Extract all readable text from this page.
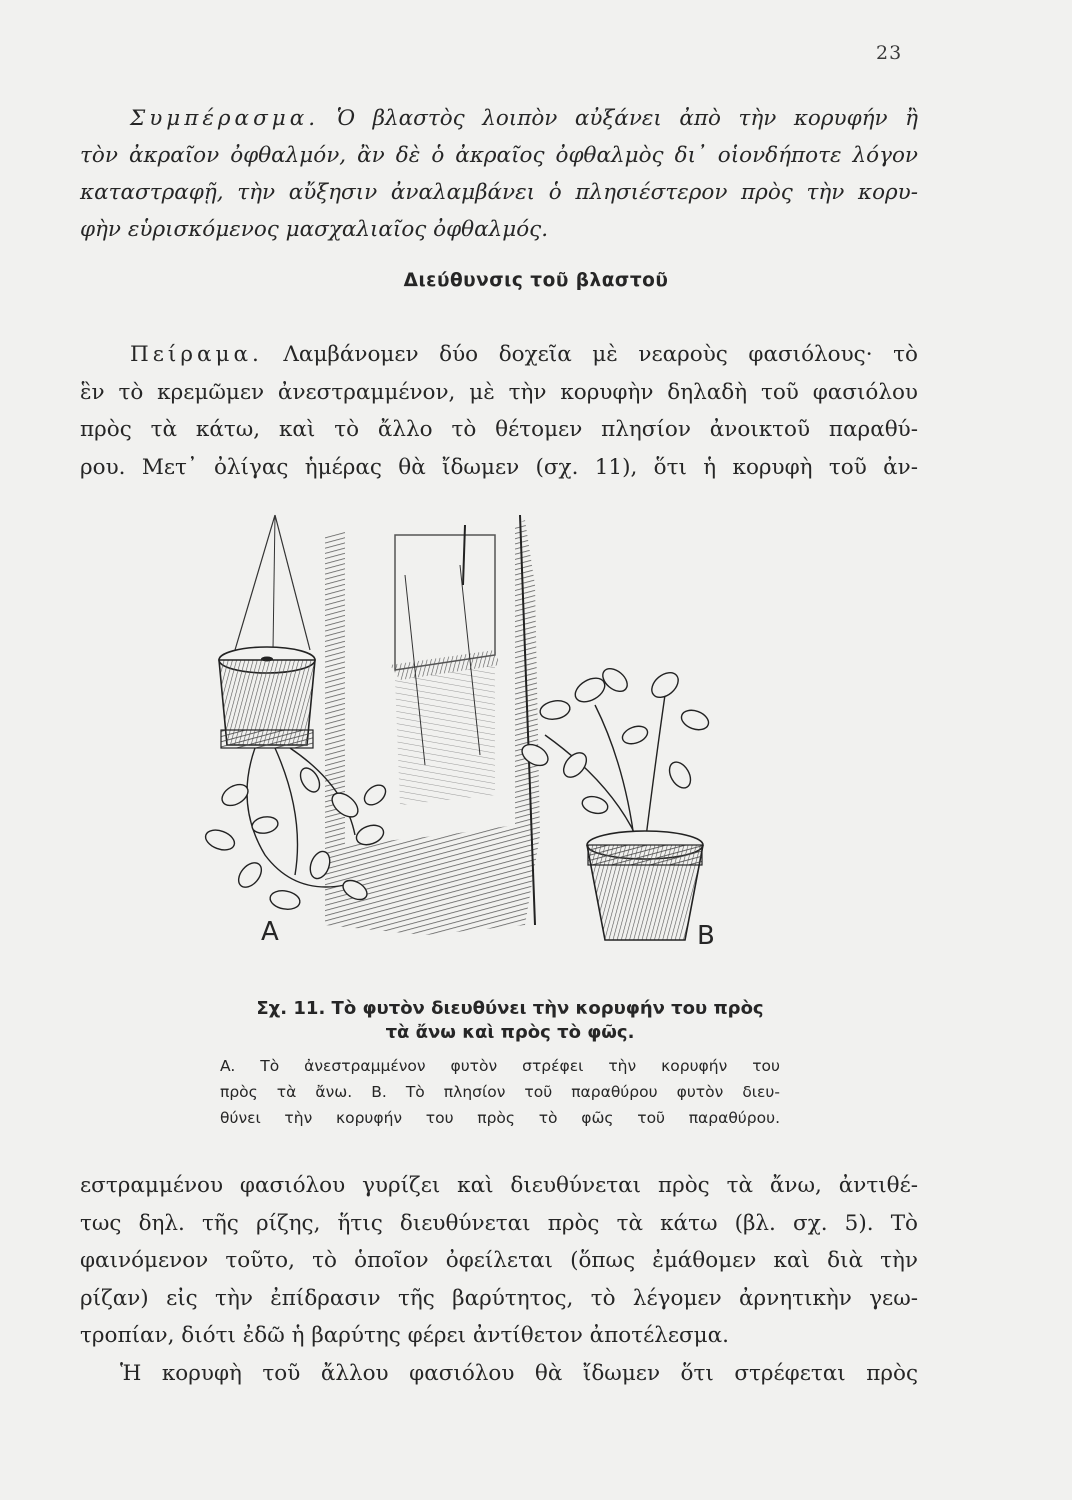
23
Συμπέρασμα. Ὁ βλαστὸς λοιπὸν αὐξάνει ἀπὸ τὴν κορυφήν ἢ
τὸν ἀκραῖον ὀφθαλμόν, ἂν δὲ ὁ ἀκραῖος ὀφθαλμὸς δι᾿ οἱονδήποτε λόγον
καταστραφῇ, τὴν αὔξησιν ἀναλαμβάνει ὁ πλησιέστερον πρὸς τὴν κορυ-
φὴν εὑρισκόμενος μασχαλιαῖος ὀφθαλμός.
Διεύθυνσις τοῦ βλαστοῦ
Πείραμα. Λαμβάνομεν δύο δοχεῖα μὲ νεαροὺς φασιόλους· τὸ
ἓν τὸ κρεμῶμεν ἀνεστραμμένον, μὲ τὴν κορυφὴν δηλαδὴ τοῦ φασιόλου
πρὸς τὰ κάτω, καὶ τὸ ἄλλο τὸ θέτομεν πλησίον ἀνοικτοῦ παραθύ-
ρου. Μετ᾿ ὀλίγας ἡμέρας θὰ ἴδωμεν (σχ. 11), ὅτι ἡ κορυφὴ τοῦ ἀν-
A	B
Σχ. 11. Τὸ φυτὸν διευθύνει τὴν κορυφήν του πρὸς
τὰ ἄνω καὶ πρὸς τὸ φῶς.
A. Τὸ ἀνεστραμμένον φυτὸν στρέφει τὴν κορυφήν του
πρὸς τὰ ἄνω. B. Τὸ πλησίον τοῦ παραθύρου φυτὸν διευ-
θύνει τὴν κορυφήν του πρὸς τὸ φῶς τοῦ παραθύρου.
εστραμμένου φασιόλου γυρίζει καὶ διευθύνεται πρὸς τὰ ἄνω, ἀντιθέ-
τως δηλ. τῆς ρίζης, ἥτις διευθύνεται πρὸς τὰ κάτω (βλ. σχ. 5). Τὸ
φαινόμενον τοῦτο, τὸ ὁποῖον ὀφείλεται (ὅπως ἐμάθομεν καὶ διὰ τὴν
ρίζαν) εἰς τὴν ἐπίδρασιν τῆς βαρύτητος, τὸ λέγομεν ἀρνητικὴν γεω-
τροπίαν, διότι ἐδῶ ἡ βαρύτης φέρει ἀντίθετον ἀποτέλεσμα.
Ἡ κορυφὴ τοῦ ἄλλου φασιόλου θὰ ἴδωμεν ὅτι στρέφεται πρὸς
